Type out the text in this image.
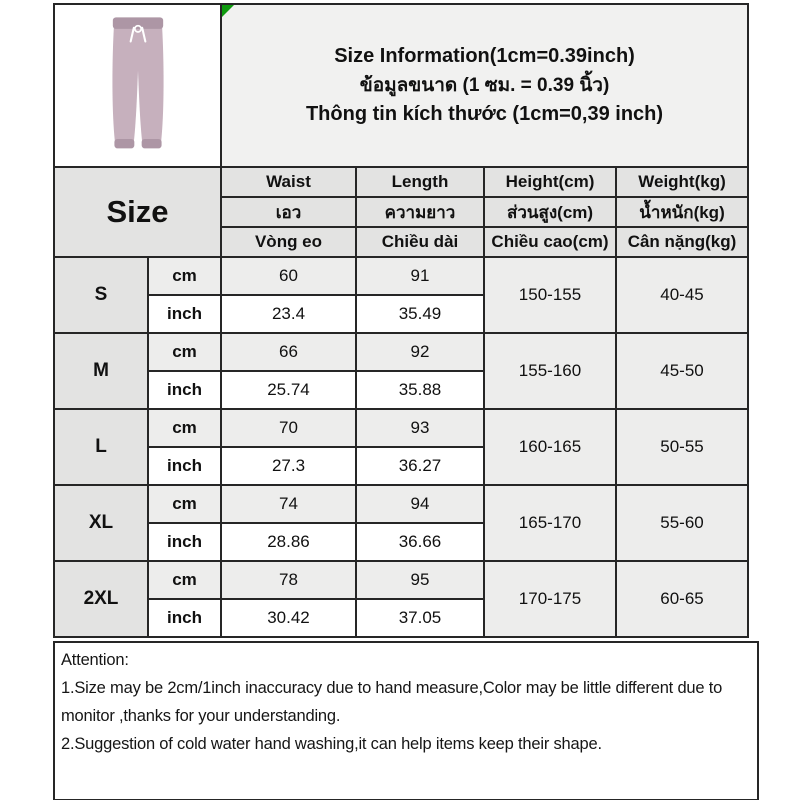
Size Information(1cm=0.39inch)
ข้อมูลขนาด (1 ซม. = 0.39 นิ้ว)
Thông tin kích thước (1cm=0,39 inch)			

Size		Waist	Length	Height(cm)	Weight(kg)
		เอว	ความยาว	ส่วนสูง(cm)	น้ำหนัก(kg)
		Vòng eo	Chiều dài	Chiều cao(cm)	Cân nặng(kg)
S	cm	60	91	150-155	40-45
	inch	23.4	35.49		
M	cm	66	92	155-160	45-50
	inch	25.74	35.88		
L	cm	70	93	160-165	50-55
	inch	27.3	36.27		
XL	cm	74	94	165-170	55-60
	inch	28.86	36.66		
2XL	cm	78	95	170-175	60-65
	inch	30.42	37.05		
Attention:
1.Size may be 2cm/1inch inaccuracy due to hand measure,Color may be little different due to monitor ,thanks for your understanding.
2.Suggestion of cold water hand washing,it can help items keep their shape.
